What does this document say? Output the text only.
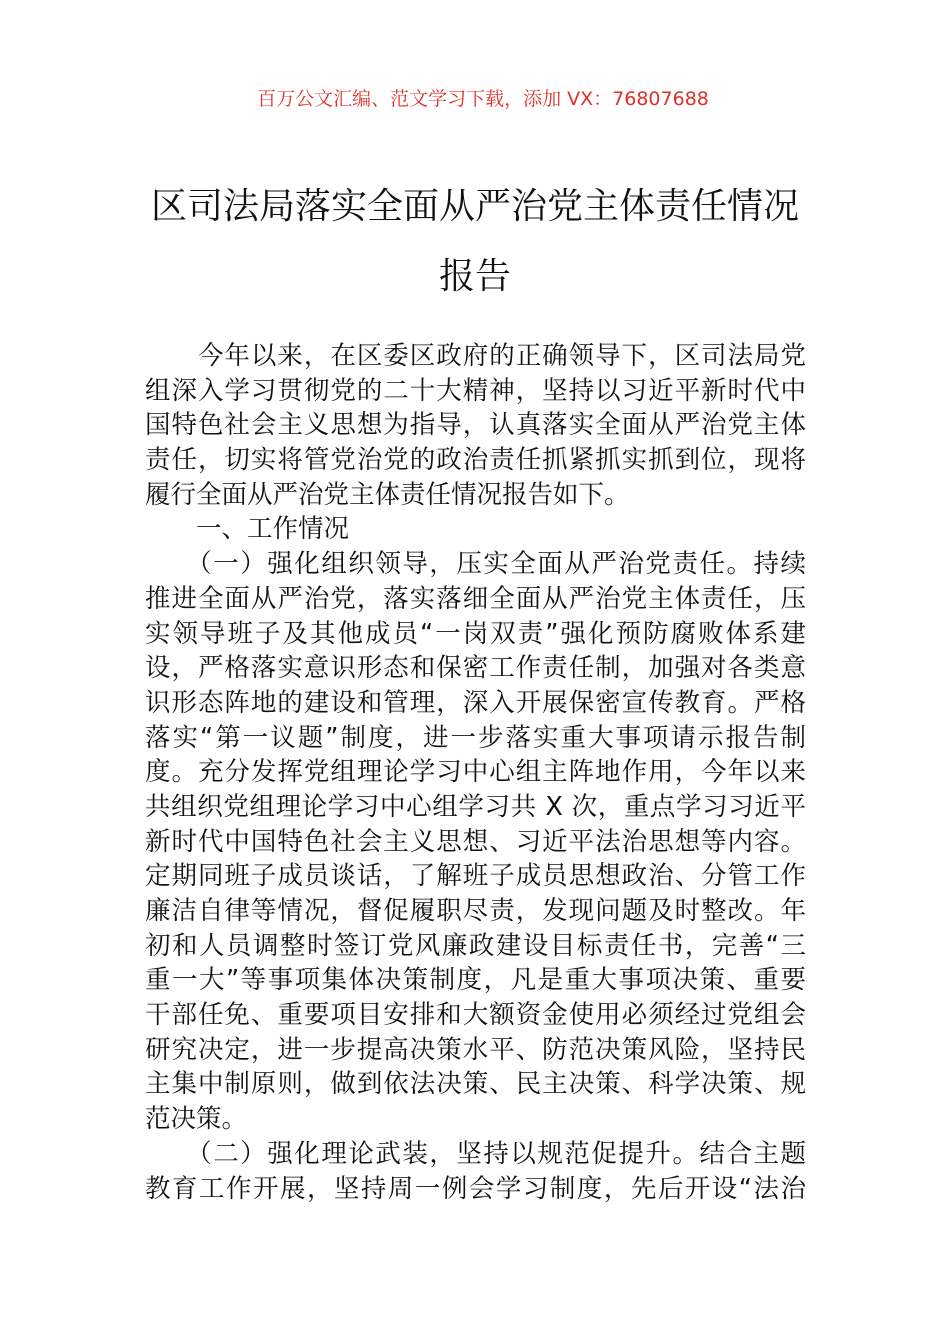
百万公文汇编、范文学习下载，添加 VX：76807688
区司法局落实全面从严治党主体责任情况
报告
　　今年以来，在区委区政府的正确领导下，区司法局党
组深入学习贯彻党的二十大精神，坚持以习近平新时代中
国特色社会主义思想为指导，认真落实全面从严治党主体
责任，切实将管党治党的政治责任抓紧抓实抓到位，现将
履行全面从严治党主体责任情况报告如下。
　　一、工作情况
　　（一）强化组织领导，压实全面从严治党责任。持续
推进全面从严治党，落实落细全面从严治党主体责任，压
实领导班子及其他成员“一岗双责”强化预防腐败体系建
设，严格落实意识形态和保密工作责任制，加强对各类意
识形态阵地的建设和管理，深入开展保密宣传教育。严格
落实“第一议题”制度，进一步落实重大事项请示报告制
度。充分发挥党组理论学习中心组主阵地作用，今年以来
共组织党组理论学习中心组学习共 X 次，重点学习习近平
新时代中国特色社会主义思想、习近平法治思想等内容。
定期同班子成员谈话，了解班子成员思想政治、分管工作
廉洁自律等情况，督促履职尽责，发现问题及时整改。年
初和人员调整时签订党风廉政建设目标责任书，完善“三
重一大”等事项集体决策制度，凡是重大事项决策、重要
干部任免、重要项目安排和大额资金使用必须经过党组会
研究决定，进一步提高决策水平、防范决策风险，坚持民
主集中制原则，做到依法决策、民主决策、科学决策、规
范决策。
　　（二）强化理论武装，坚持以规范促提升。结合主题
教育工作开展，坚持周一例会学习制度，先后开设“法治
